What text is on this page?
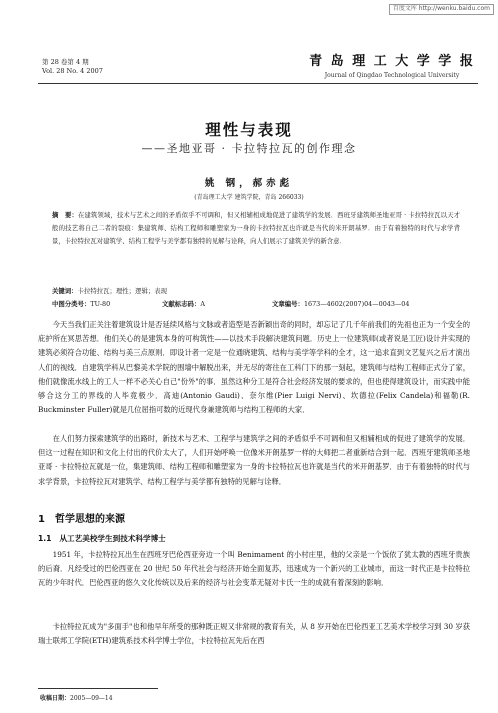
百度文库 http://wenku.baidu.com
第 28 卷第 4 期
Vol. 28 No. 4 2007
青 岛 理 工 大 学 学 报
Journal of Qingdao Technological University
理性与表现
——圣地亚哥 · 卡拉特拉瓦的创作理念
姚 钢，郝赤彪
(青岛理工大学 建筑学院，青岛 266033)
摘　要：在建筑领域，技术与艺术之间的矛盾似乎不可调和，但又相辅相成地促进了建筑学的发展．西班牙建筑师圣地亚哥 · 卡拉特拉瓦以天才般的技艺将自己二者的裂痕：集建筑师、结构工程师和雕塑家为一身的卡拉特拉瓦也许就是当代的米开朗基罗．由于有着独特的时代与求学背景，卡拉特拉瓦对建筑学、结构工程学与美学都有独特的见解与诠释，向人们展示了建筑美学的新含意．
关键词：卡拉特拉瓦；理性；逻辑；表现
中图分类号：TU-80	文献标志码：A	文章编号：1673—4602(2007)04—0043—04

今天当我们正关注着建筑设计是否延续风格与文脉或者造型是否新颖出奇的同时，却忘记了几千年前我们的先祖也正为一个安全的庇护所在冥思苦想．他们关心的是建筑本身的可构筑性——以技术手段解决建筑问题．历史上一位建筑师(或者说是工匠)设计并实现的建筑必须符合功能、结构与美三点原则．即设计者一定是一位通晓建筑、结构与美学等学科的全才，这一追求直到文艺复兴之后才演出人们的视线．自建筑学科从巴黎美术学院的围墙中解脱出来，并无尽的寄往在工科门下的那一刻起，建筑师与结构工程师正式分了家，他们就像流水线上的工人一样不必关心自己"份外"的事．虽然这种分工是符合社会经济发展的要求的，但也使得建筑设计，而实践中能够合这分工的界线的人毕竟极少．高迪(Antonio Gaudi)、奈尔维(Pier Luigi Nervi)、坎德拉(Felix Candela)和福勒(R. Buckminster Fuller)就是几位屈指可数的近现代身兼建筑师与结构工程师的大家．

在人们努力探索建筑学的出路时，新技术与艺术、工程学与建筑学之间的矛盾似乎不可调和但又相辅相成的促进了建筑学的发展．但这一过程在知识和文化上付出的代价太大了，人们开始呼唤一位像米开朗基罗一样的大师把二者重新结合到一起．西班牙建筑师圣地亚哥 · 卡拉特拉瓦就是一位，集建筑师、结构工程师和雕塑家为一身的卡拉特拉瓦也许就是当代的米开朗基罗．由于有着独特的时代与求学背景，卡拉特拉瓦对建筑学、结构工程学与美学都有独特的见解与诠释．

1 哲学思想的来源
1.1 从工艺美校学生到技术科学博士

1951 年，卡拉特拉瓦出生在西班牙巴伦西亚旁边一个叫 Benimament 的小村庄里，他的父亲是一个饭依了犹太教的西班牙贵族的后裔．凡经受过的巴伦西亚在 20 世纪 50 年代社会与经济开始全面复苏，迅速成为一个新兴的工业城市，而这一时代正是卡拉特拉瓦的少年时代．巴伦西亚的悠久文化传统以及后来的经济与社会变革无疑对卡氏一生的成就有着深刻的影响．

卡拉特拉瓦成为"多面手"也和他早年所受的那种既正规又非常规的教育有关，从 8 岁开始在巴伦西亚工艺美术学校学习到 30 岁获瑞士联邦工学院(ETH)建筑系技术科学博士学位，卡拉特拉瓦先后在西

收稿日期：2005—09—14
